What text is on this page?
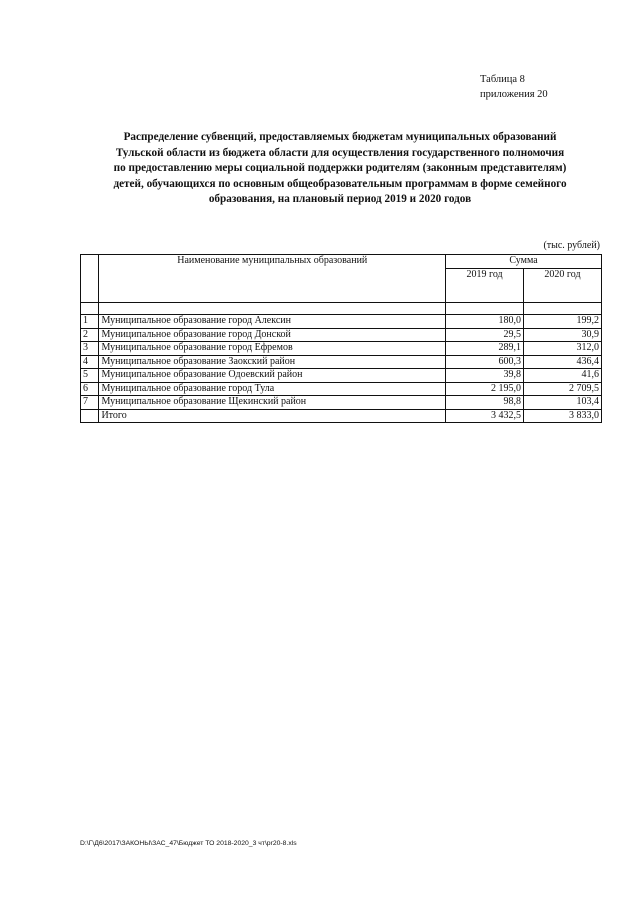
Таблица 8
приложения 20
Распределение субвенций, предоставляемых бюджетам муниципальных образований
Тульской области из бюджета области для осуществления государственного полномочия
по предоставлению меры социальной поддержки родителям (законным представителям)
детей, обучающихся по основным общеобразовательным программам в форме семейного
образования, на плановый период 2019 и 2020 годов
(тыс. рублей)
	Наименование муниципальных образований	Сумма	
		2019 год	2020 год

1	Муниципальное образование город Алексин	180,0	199,2
2	Муниципальное образование город Донской	29,5	30,9
3	Муниципальное образование город Ефремов	289,1	312,0
4	Муниципальное образование Заокский район	600,3	436,4
5	Муниципальное образование Одоевский район	39,8	41,6
6	Муниципальное образование город Тула	2 195,0	2 709,5
7	Муниципальное образование Щекинский район	98,8	103,4
	Итого	3 432,5	3 833,0
D:\Г\Д6\2017\ЗАКОНЫ\ЗАС_47\Бюджет ТО 2018-2020_3 чт\pr20-8.xls
